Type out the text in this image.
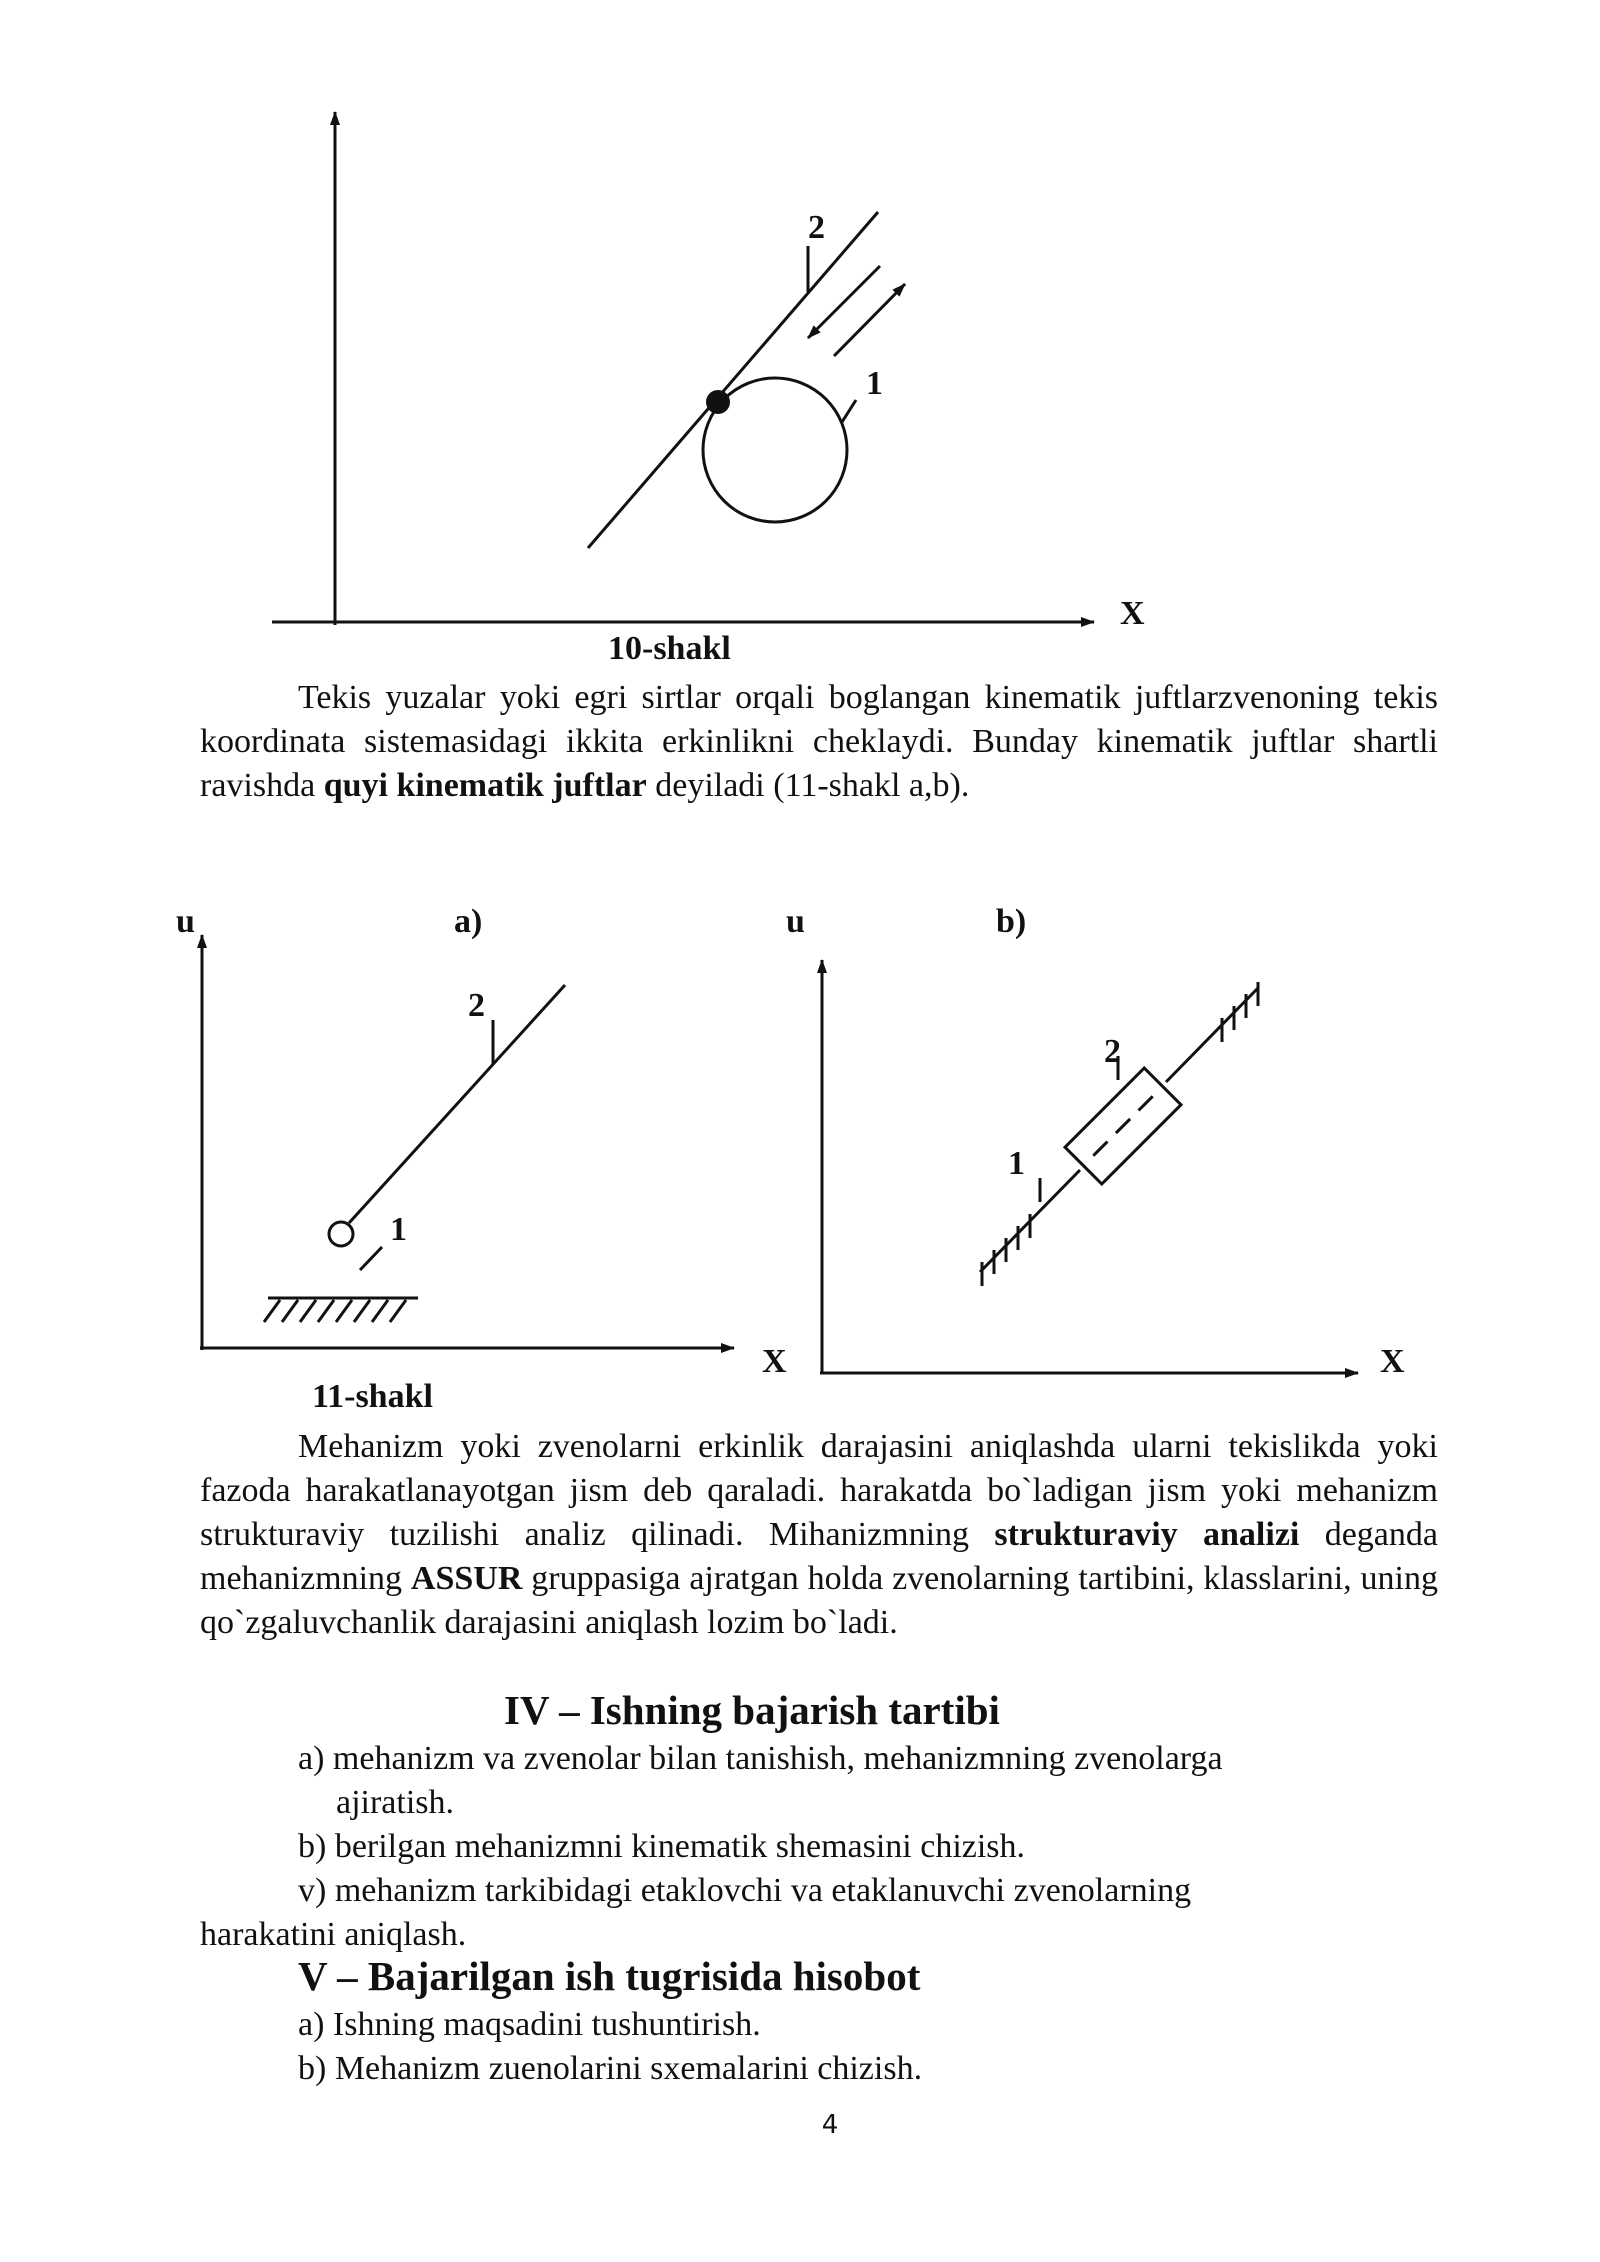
2
1
X
10-shakl

Tekis yuzalar yoki egri sirtlar orqali boglangan kinematik juftlarzvenoning tekis koordinata sistemasidagi ikkita erkinlikni cheklaydi. Bunday kinematik juftlar shartli ravishda quyi kinematik juftlar deyiladi (11-shakl a,b).

u	a)
2
1
X
u	b)
2
1
X
11-shakl

Mehanizm yoki zvenolarni erkinlik darajasini aniqlashda ularni tekislikda yoki fazoda harakatlanayotgan jism deb qaraladi. harakatda bo`ladigan jism yoki mehanizm strukturaviy tuzilishi analiz qilinadi. Mihanizmning strukturaviy analizi deganda mehanizmning ASSUR gruppasiga ajratgan holda zvenolarning tartibini, klasslarini, uning qo`zgaluvchanlik darajasini aniqlash lozim bo`ladi.

IV – Ishning bajarish tartibi

a) mehanizm va zvenolar bilan tanishish, mehanizmning zvenolarga

ajiratish.

b) berilgan mehanizmni kinematik shemasini chizish.

v) mehanizm tarkibidagi etaklovchi va etaklanuvchi zvenolarning

harakatini aniqlash.

V – Bajarilgan ish tugrisida hisobot

a) Ishning maqsadini tushuntirish.

b) Mehanizm zuenolarini sxemalarini chizish.

4
